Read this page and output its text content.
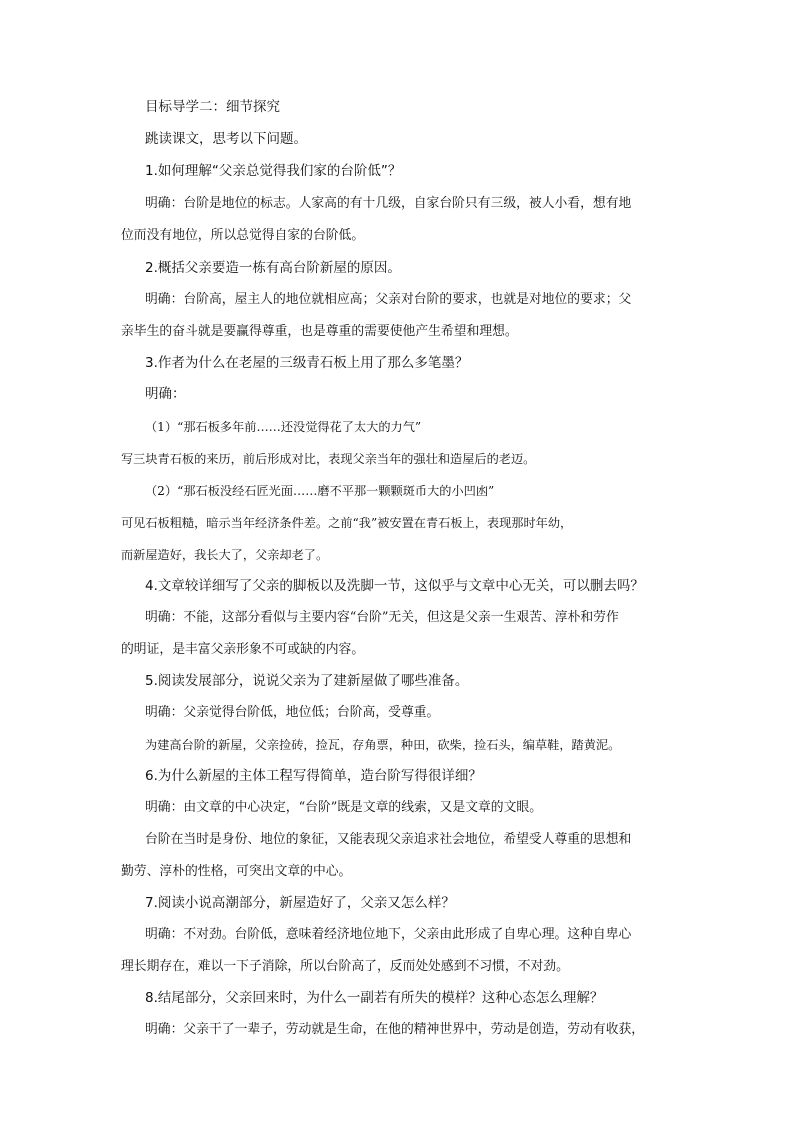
目标导学二：细节探究
跳读课文，思考以下问题。
1.如何理解“父亲总觉得我们家的台阶低”？
明确：台阶是地位的标志。人家高的有十几级，自家台阶只有三级，被人小看，想有地
位而没有地位，所以总觉得自家的台阶低。
2.概括父亲要造一栋有高台阶新屋的原因。
明确：台阶高，屋主人的地位就相应高；父亲对台阶的要求，也就是对地位的要求；父
亲毕生的奋斗就是要赢得尊重，也是尊重的需要使他产生希望和理想。
3.作者为什么在老屋的三级青石板上用了那么多笔墨？
明确：
（1）“那石板多年前……还没觉得花了太大的力气”
写三块青石板的来历，前后形成对比，表现父亲当年的强壮和造屋后的老迈。
（2）“那石板没经石匠光面……磨不平那一颗颗斑币大的小凹凼”
可见石板粗糙，暗示当年经济条件差。之前“我”被安置在青石板上，表现那时年幼，
而新屋造好，我长大了，父亲却老了。
4.文章较详细写了父亲的脚板以及洗脚一节，这似乎与文章中心无关，可以删去吗？
明确：不能，这部分看似与主要内容“台阶”无关，但这是父亲一生艰苦、淳朴和劳作
的明证，是丰富父亲形象不可或缺的内容。
5.阅读发展部分，说说父亲为了建新屋做了哪些准备。
明确：父亲觉得台阶低，地位低；台阶高，受尊重。
为建高台阶的新屋，父亲捡砖，捡瓦，存角票，种田，砍柴，捡石头，编草鞋，踏黄泥。
6.为什么新屋的主体工程写得简单，造台阶写得很详细？
明确：由文章的中心决定，“台阶”既是文章的线索，又是文章的文眼。
台阶在当时是身份、地位的象征，又能表现父亲追求社会地位，希望受人尊重的思想和
勤劳、淳朴的性格，可突出文章的中心。
7.阅读小说高潮部分，新屋造好了，父亲又怎么样？
明确：不对劲。台阶低，意味着经济地位地下，父亲由此形成了自卑心理。这种自卑心
理长期存在，难以一下子消除，所以台阶高了，反而处处感到不习惯，不对劲。
8.结尾部分，父亲回来时，为什么一副若有所失的模样？这种心态怎么理解？
明确：父亲干了一辈子，劳动就是生命，在他的精神世界中，劳动是创造，劳动有收获，
